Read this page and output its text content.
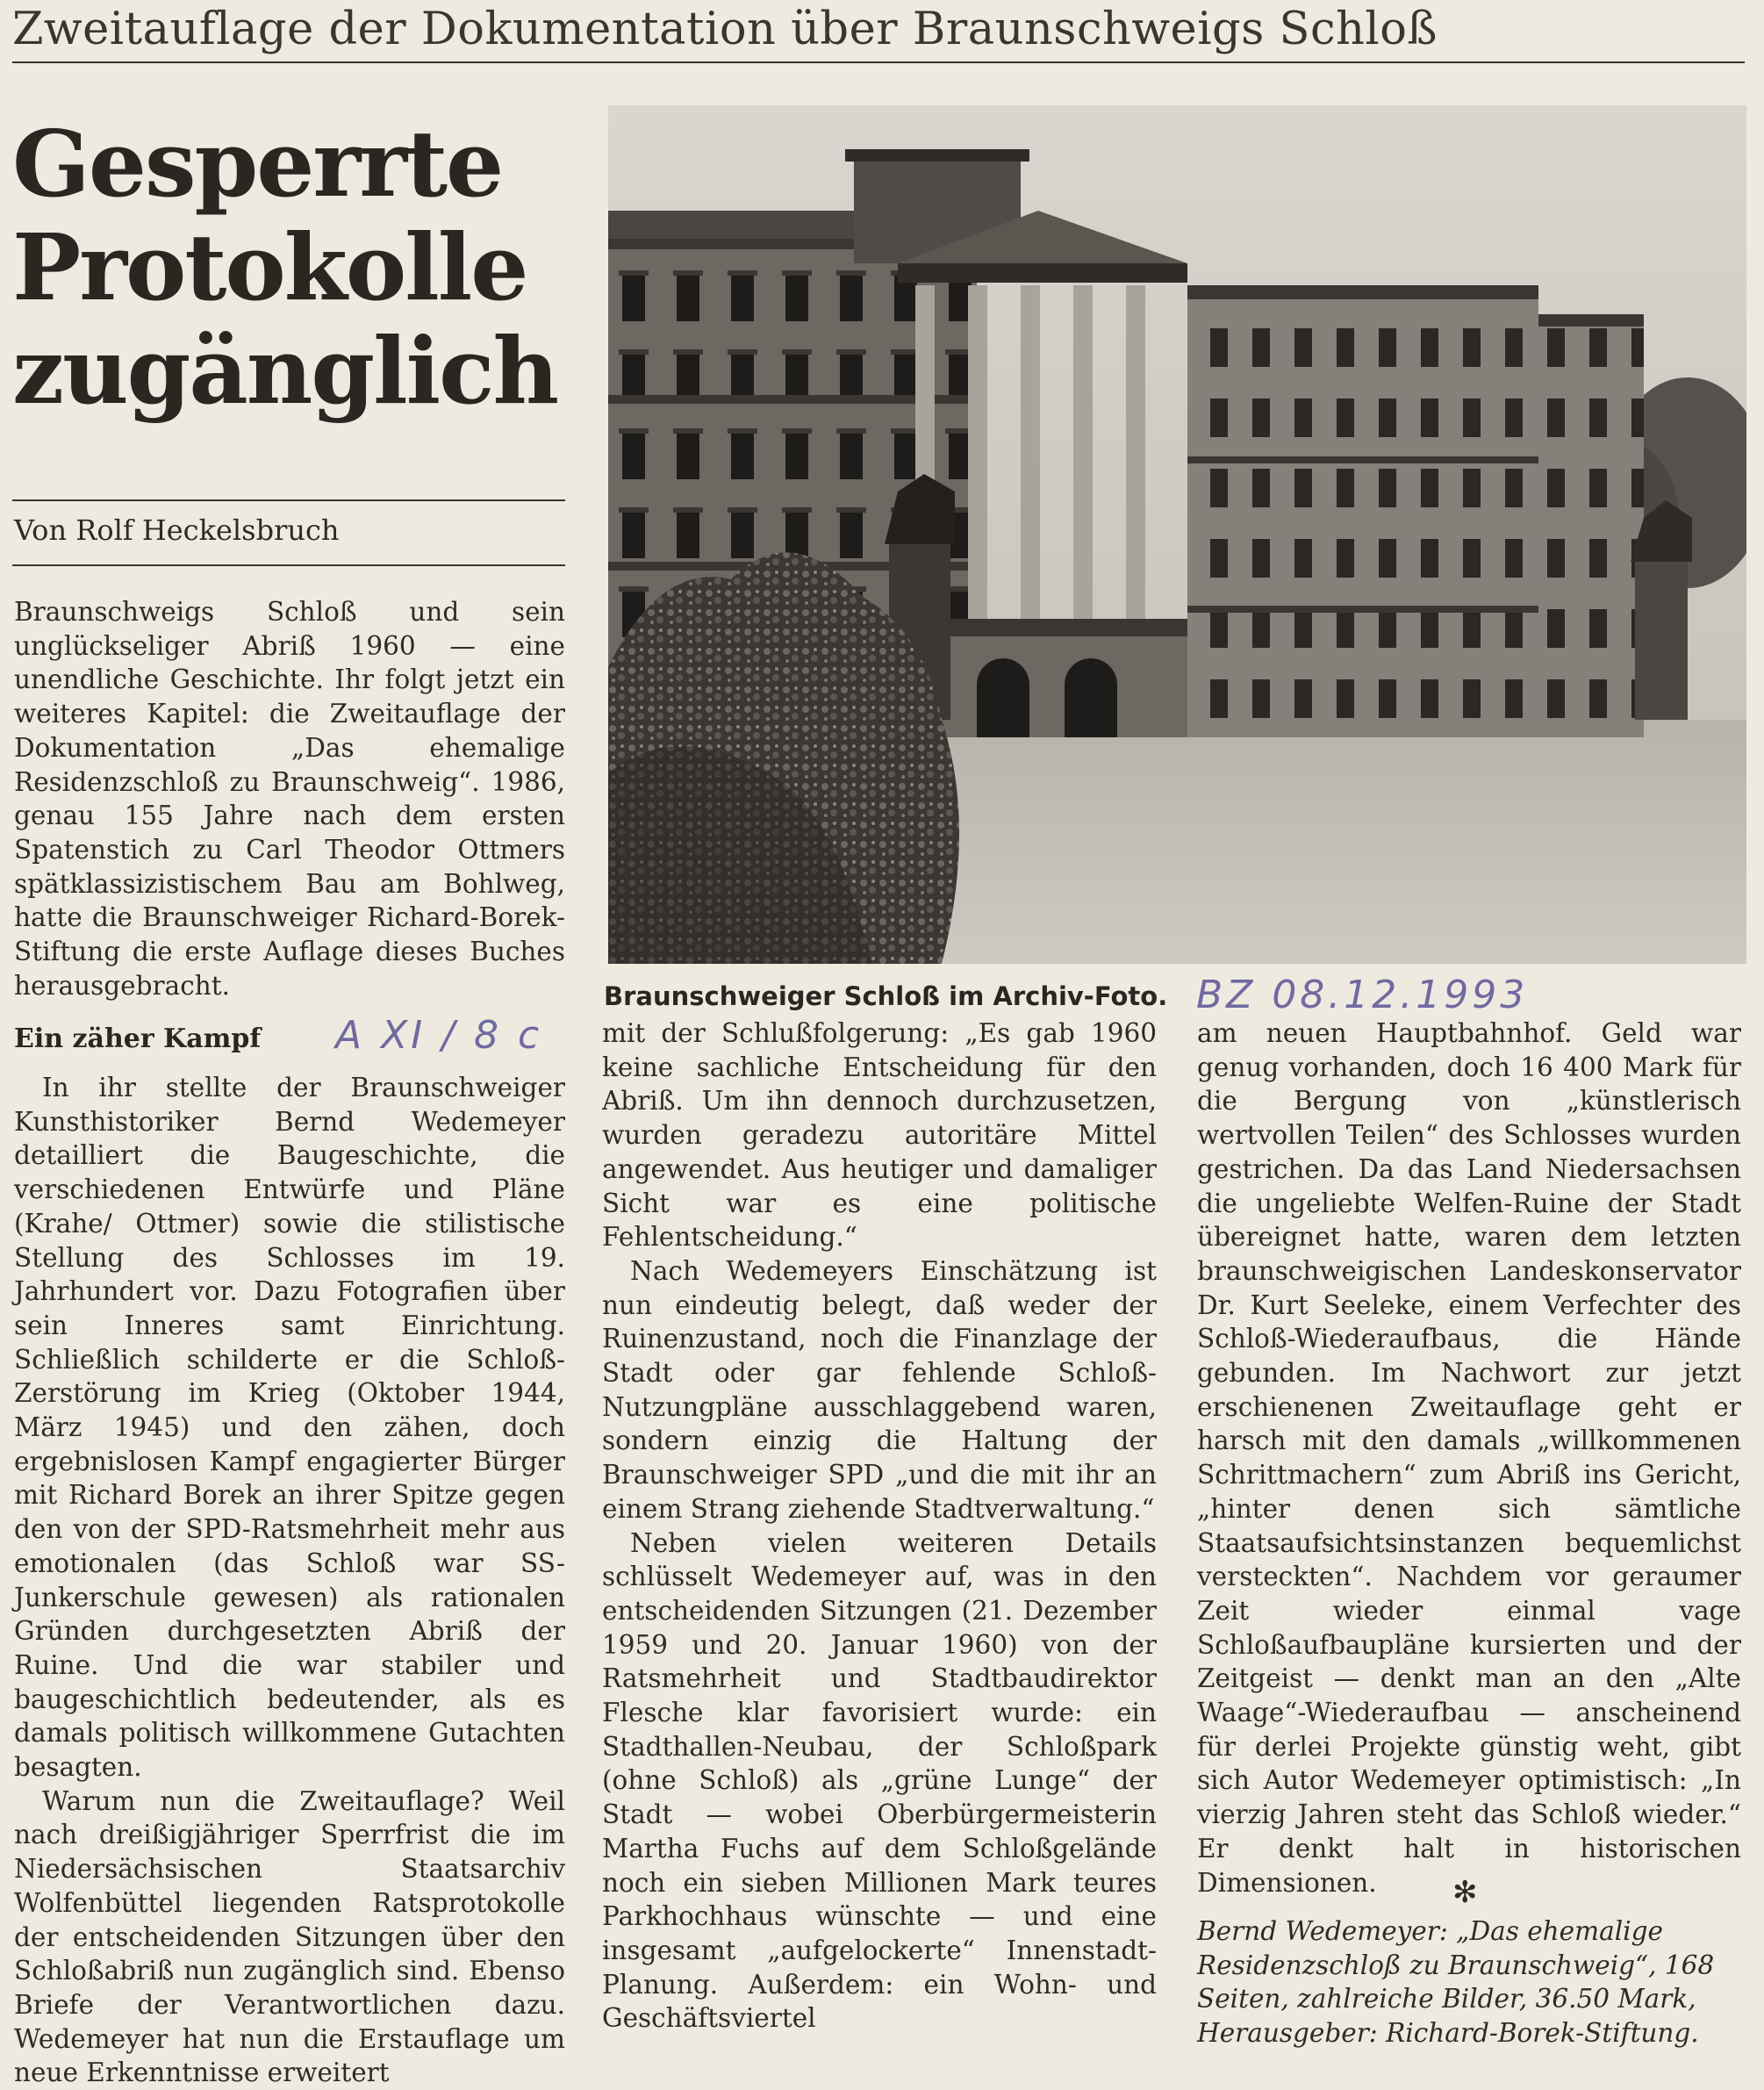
Zweitauflage der Dokumentation über Braunschweigs Schloß
Gesperrte
Protokolle
zugänglich
Von Rolf Heckelsbruch
Braunschweigs Schloß und sein unglückseliger Abriß 1960 — eine unendliche Geschichte. Ihr folgt jetzt ein weiteres Kapitel: die Zweitauflage der Dokumentation „Das ehemalige Residenzschloß zu Braunschweig“. 1986, genau 155 Jahre nach dem ersten Spatenstich zu Carl Theodor Ottmers spätklassizistischem Bau am Bohlweg, hatte die Braunschweiger Richard-Borek-Stiftung die erste Auflage dieses Buches herausgebracht.
Ein zäher Kampf A XI / 8 c

In ihr stellte der Braunschweiger Kunsthistoriker Bernd Wedemeyer detailliert die Baugeschichte, die verschiedenen Entwürfe und Pläne (Krahe/ Ottmer) sowie die stilistische Stellung des Schlosses im 19. Jahrhundert vor. Dazu Fotografien über sein Inneres samt Einrichtung. Schließlich schilderte er die Schloß-Zerstörung im Krieg (Oktober 1944, März 1945) und den zähen, doch ergebnislosen Kampf engagierter Bürger mit Richard Borek an ihrer Spitze gegen den von der SPD-Ratsmehrheit mehr aus emotionalen (das Schloß war SS-Junkerschule gewesen) als rationalen Gründen durchgesetzten Abriß der Ruine. Und die war stabiler und baugeschichtlich bedeutender, als es damals politisch willkommene Gutachten besagten.

Warum nun die Zweitauflage? Weil nach dreißigjähriger Sperrfrist die im Niedersächsischen Staatsarchiv Wolfenbüttel liegenden Ratsprotokolle der entscheidenden Sitzungen über den Schloßabriß nun zugänglich sind. Ebenso Briefe der Verantwortlichen dazu. Wedemeyer hat nun die Erstauflage um neue Erkenntnisse erweitert

Braunschweiger Schloß im Archiv-Foto. BZ 08.12.1993

mit der Schlußfolgerung: „Es gab 1960 keine sachliche Entscheidung für den Abriß. Um ihn dennoch durchzusetzen, wurden geradezu autoritäre Mittel angewendet. Aus heutiger und damaliger Sicht war es eine politische Fehlentscheidung.“

Nach Wedemeyers Einschätzung ist nun eindeutig belegt, daß weder der Ruinenzustand, noch die Finanzlage der Stadt oder gar fehlende Schloß-Nutzungpläne ausschlaggebend waren, sondern einzig die Haltung der Braunschweiger SPD „und die mit ihr an einem Strang ziehende Stadtverwaltung.“

Neben vielen weiteren Details schlüsselt Wedemeyer auf, was in den entscheidenden Sitzungen (21. Dezember 1959 und 20. Januar 1960) von der Ratsmehrheit und Stadtbaudirektor Flesche klar favorisiert wurde: ein Stadthallen-Neubau, der Schloßpark (ohne Schloß) als „grüne Lunge“ der Stadt — wobei Oberbürgermeisterin Martha Fuchs auf dem Schloßgelände noch ein sieben Millionen Mark teures Parkhochhaus wünschte — und eine insgesamt „aufgelockerte“ Innenstadt-Planung. Außerdem: ein Wohn- und Geschäftsviertel

am neuen Hauptbahnhof. Geld war genug vorhanden, doch 16 400 Mark für die Bergung von „künstlerisch wertvollen Teilen“ des Schlosses wurden gestrichen. Da das Land Niedersachsen die ungeliebte Welfen-Ruine der Stadt übereignet hatte, waren dem letzten braunschweigischen Landeskonservator Dr. Kurt Seeleke, einem Verfechter des Schloß-Wiederaufbaus, die Hände gebunden. Im Nachwort zur jetzt erschienenen Zweitauflage geht er harsch mit den damals „willkommenen Schrittmachern“ zum Abriß ins Gericht, „hinter denen sich sämtliche Staatsaufsichtsinstanzen bequemlichst versteckten“. Nachdem vor geraumer Zeit wieder einmal vage Schloßaufbaupläne kursierten und der Zeitgeist — denkt man an den „Alte Waage“-Wiederaufbau — anscheinend für derlei Projekte günstig weht, gibt sich Autor Wedemeyer optimistisch: „In vierzig Jahren steht das Schloß wieder.“ Er denkt halt in historischen Dimensionen.	✻
Bernd Wedemeyer: „Das ehemalige Residenzschloß zu Braunschweig“, 168 Seiten, zahlreiche Bilder, 36.50 Mark, Herausgeber: Richard-Borek-Stiftung.
